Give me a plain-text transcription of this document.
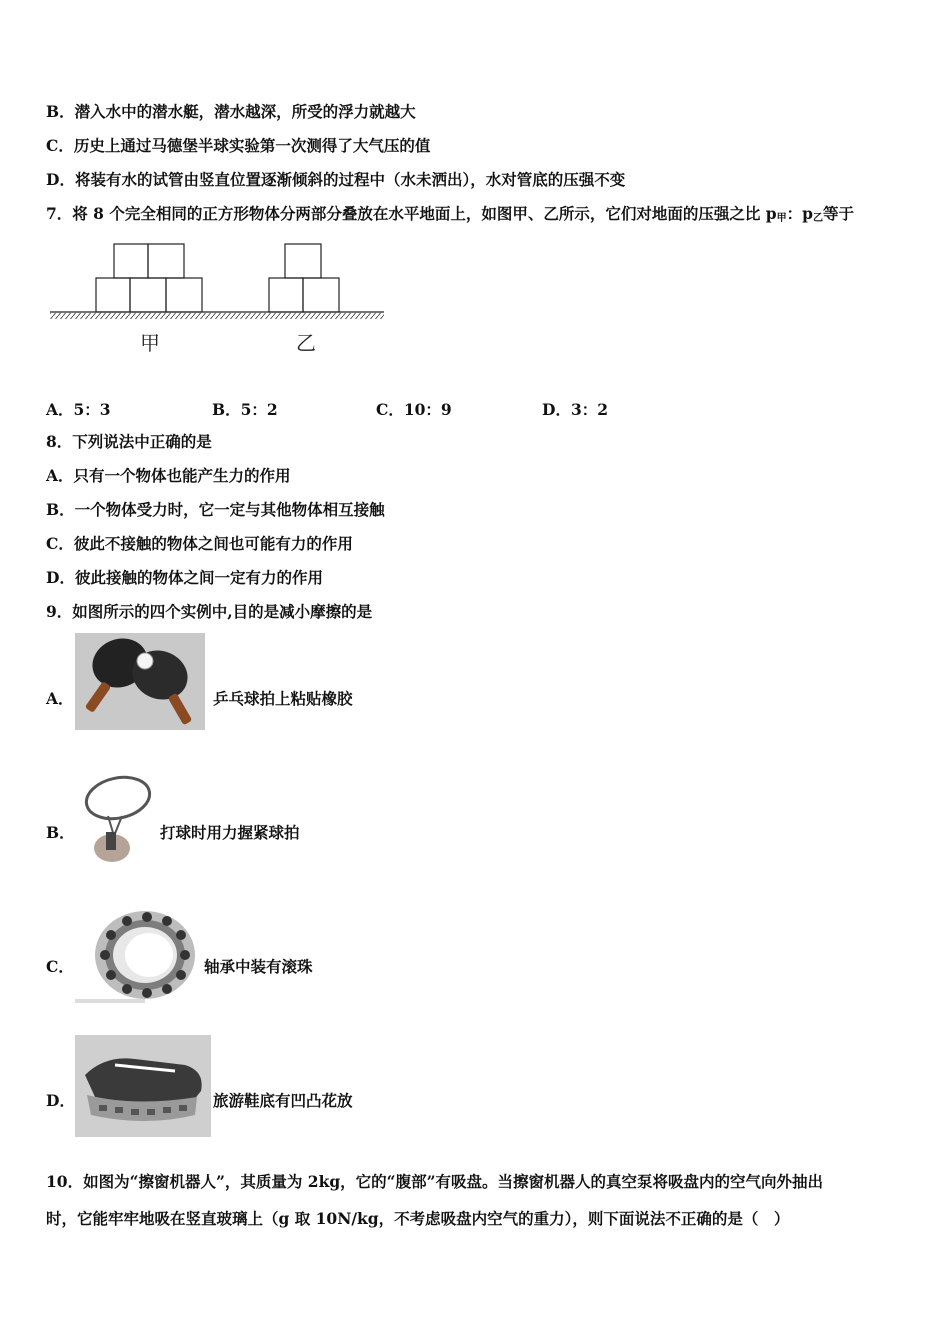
B．潜入水中的潜水艇，潜水越深，所受的浮力就越大
C．历史上通过马德堡半球实验第一次测得了大气压的值
D．将装有水的试管由竖直位置逐渐倾斜的过程中（水未洒出），水对管底的压强不变
7．将 8 个完全相同的正方形物体分两部分叠放在水平地面上，如图甲、乙所示，它们对地面的压强之比 $p_甲$：$p_乙$等于
甲	乙
A．5：3	B．5：2	C．10：9	D．3：2
8．下列说法中正确的是
A．只有一个物体也能产生力的作用
B．一个物体受力时，它一定与其他物体相互接触
C．彼此不接触的物体之间也可能有力的作用
D．彼此接触的物体之间一定有力的作用
9．如图所示的四个实例中,目的是减小摩擦的是
A．	乒乓球拍上粘贴橡胶
B．	打球时用力握紧球拍
C．	轴承中装有滚珠
D．	旅游鞋底有凹凸花放
10．如图为“擦窗机器人”，其质量为 2kg，它的“腹部”有吸盘。当擦窗机器人的真空泵将吸盘内的空气向外抽出
时，它能牢牢地吸在竖直玻璃上（g 取 10N/kg，不考虑吸盘内空气的重力），则下面说法不正确的是（　）
